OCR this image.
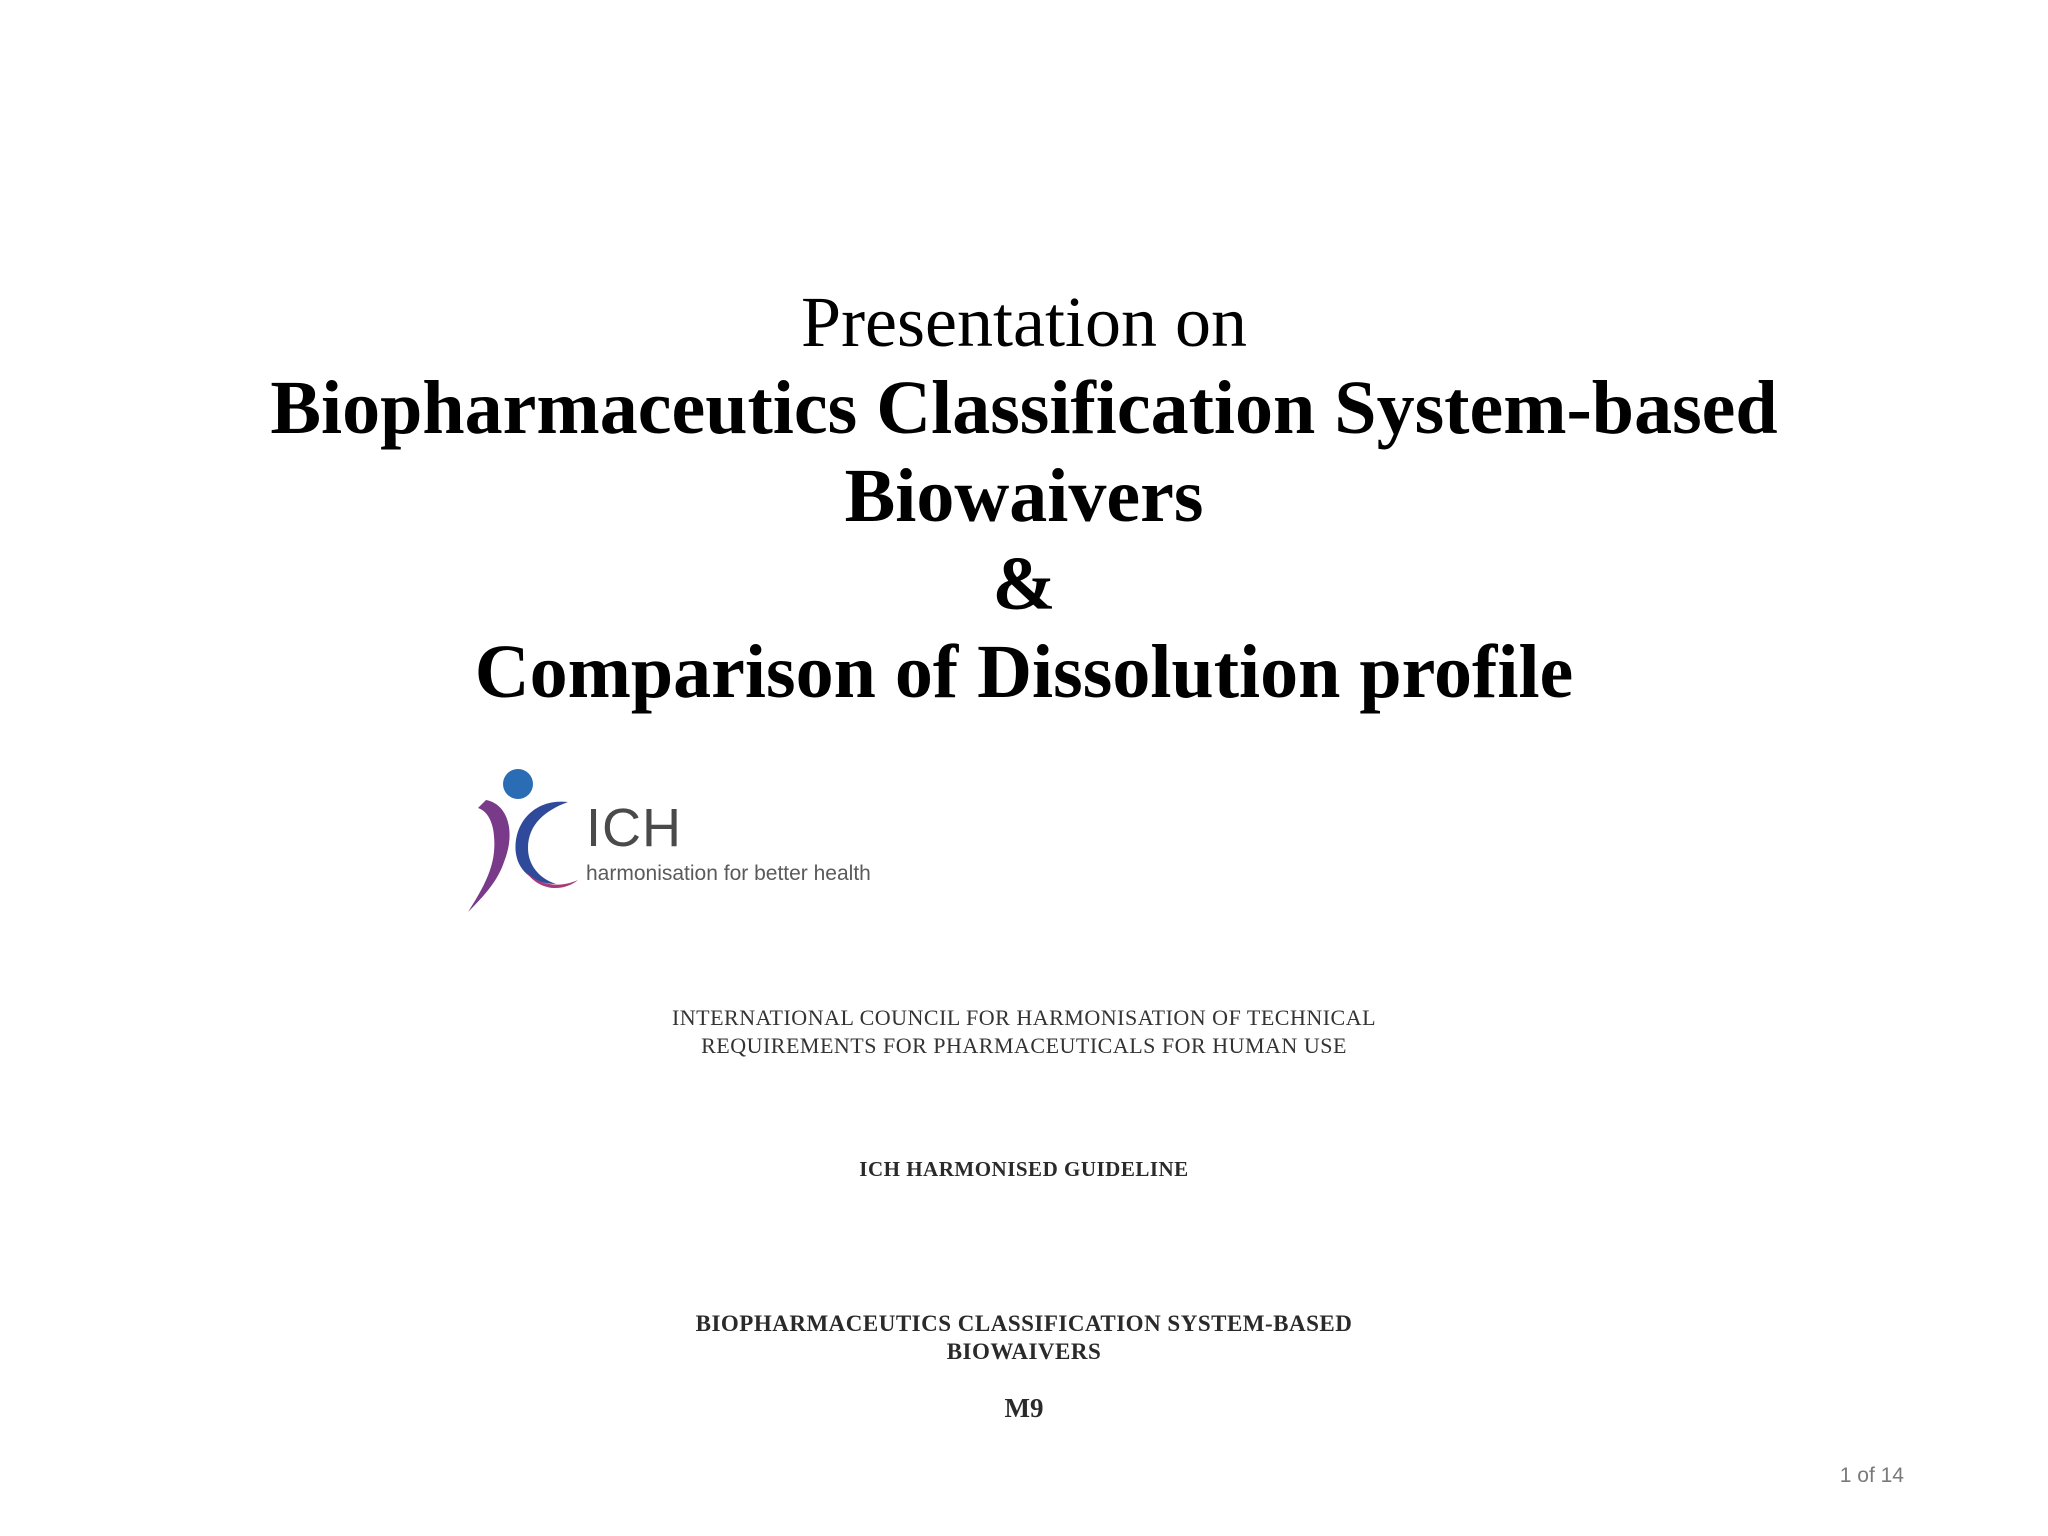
Presentation on
Biopharmaceutics Classification System-based
Biowaivers
&
Comparison of Dissolution profile
ICH
harmonisation for better health
INTERNATIONAL COUNCIL FOR HARMONISATION OF TECHNICAL
REQUIREMENTS FOR PHARMACEUTICALS FOR HUMAN USE
ICH HARMONISED GUIDELINE
BIOPHARMACEUTICS CLASSIFICATION SYSTEM-BASED
BIOWAIVERS
M9
1 of 14
